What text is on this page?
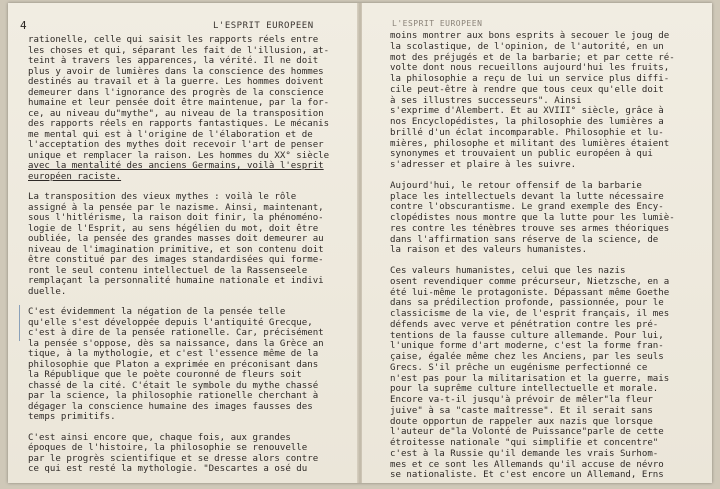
4	L'ESPRIT EUROPEEN
rationelle, celle qui saisit les rapports réels entre
les choses et qui, séparant les fait de l'illusion, at-
teint à travers les apparences, la vérité. Il ne doit
plus y avoir de lumières dans la conscience des hommes
destinés au travail et à la guerre. Les hommes doivent
demeurer dans l'ignorance des progrès de la conscience
humaine et leur pensée doit être maintenue, par la for-
ce, au niveau du"mythe", au niveau de la transposition
des rapports réels en rapports fantastiques. Le mécanis
me mental qui est à l'origine de l'élaboration et de
l'acceptation des mythes doit recevoir l'art de penser
unique et remplacer la raison. Les hommes du XX° siècle
avec la mentalité des anciens Germains, voilà l'esprit
européen raciste.
La transposition des vieux mythes : voilà le rôle
assigné à la pensée par le nazisme. Ainsi, maintenant,
sous l'hitlérisme, la raison doit finir, la phénoméno-
logie de l'Esprit, au sens hégélien du mot, doit être
oubliée, la pensée des grandes masses doit demeurer au
niveau de l'imagination primitive, et son contenu doit
être constitué par des images standardisées qui forme-
ront le seul contenu intellectuel de la Rassenseele
remplaçant la personnalité humaine nationale et indivi
duelle.
C'est évidemment la négation de la pensée telle
qu'elle s'est développée depuis l'antiquité Grecque,
c'est à dire de la pensée rationelle. Car, précisément
la pensée s'oppose, dès sa naissance, dans la Grèce an
tique, à la mythologie, et c'est l'essence même de la
philosophie que Platon a exprimée en préconisant dans
la République que le poète couronné de fleurs soit
chassé de la cité. C'était le symbole du mythe chassé
par la science, la philosophie rationelle cherchant à
dégager la conscience humaine des images fausses des
temps primitifs.
C'est ainsi encore que, chaque fois, aux grandes
époques de l'histoire, la philosophie se renouvelle
par le progrès scientifique et se dresse alors contre
ce qui est resté la mythologie. "Descartes a osé du
L'ESPRIT EUROPEEN
moins montrer aux bons esprits à secouer le joug de
la scolastique, de l'opinion, de l'autorité, en un
mot des préjugés et de la barbarie; et par cette ré-
volte dont nous recueillons aujourd'hui les fruits,
la philosophie a reçu de lui un service plus diffi-
cile peut-être à rendre que tous ceux qu'elle doit
à ses illustres successeurs". Ainsi
s'exprime d'Alembert. Et au XVIII° siècle, grâce à
nos Encyclopédistes, la philosophie des lumières a
brillé d'un éclat incomparable. Philosophie et lu-
mières, philosophe et militant des lumières étaient
synonymes et trouvaient un public européen à qui
s'adresser et plaire à les suivre.
Aujourd'hui, le retour offensif de la barbarie
place les intellectuels devant la lutte nécessaire
contre l'obscurantisme. Le grand exemple des Ency-
clopédistes nous montre que la lutte pour les lumiè-
res contre les ténèbres trouve ses armes théoriques
dans l'affirmation sans réserve de la science, de
la raison et des valeurs humanistes.
Ces valeurs humanistes, celui que les nazis
osent revendiquer comme précurseur, Nietzsche, en a
été lui-même le protagoniste. Dépassant même Goethe
dans sa prédilection profonde, passionnée, pour le
classicisme de la vie, de l'esprit français, il mes
défends avec verve et pénétration contre les pré-
tentions de la fausse culture allemande. Pour lui,
l'unique forme d'art moderne, c'est la forme fran-
çaise, égalée même chez les Anciens, par les seuls
Grecs. S'il prêche un eugénisme perfectionné ce
n'est pas pour la militarisation et la guerre, mais
pour la suprême culture intellectuelle et morale.
Encore va-t-il jusqu'à prévoir de mêler"la fleur
juive" à sa "caste maîtresse". Et il serait sans
doute opportun de rappeler aux nazis que lorsque
l'auteur de"la Volonté de Puissance"parle de cette
étroitesse nationale "qui simplifie et concentre"
c'est à la Russie qu'il demande les vrais Surhom-
mes et ce sont les Allemands qu'il accuse de névro
se nationaliste. Et c'est encore un Allemand, Erns
